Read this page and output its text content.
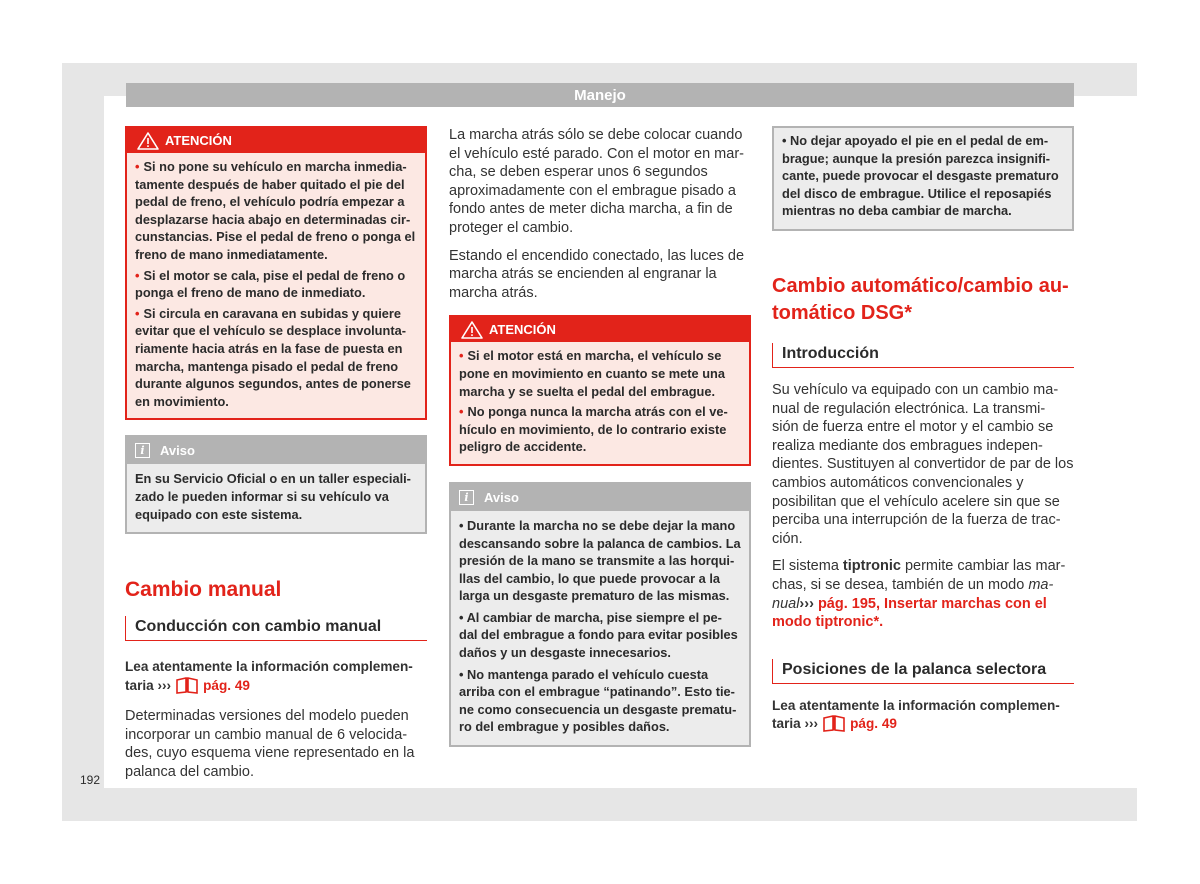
Manejo
192
ATENCIÓN

• Si no pone su vehículo en marcha inmedia- tamente después de haber quitado el pie del pedal de freno, el vehículo podría empezar a desplazarse hacia abajo en determinadas cir- cunstancias. Pise el pedal de freno o ponga el freno de mano inmediatamente.

• Si el motor se cala, pise el pedal de freno o ponga el freno de mano de inmediato.

• Si circula en caravana en subidas y quiere evitar que el vehículo se desplace involunta- riamente hacia atrás en la fase de puesta en marcha, mantenga pisado el pedal de freno durante algunos segundos, antes de ponerse en movimiento.

i	Aviso

En su Servicio Oficial o en un taller especiali- zado le pueden informar si su vehículo va equipado con este sistema.

Cambio manual
Conducción con cambio manual

Lea atentamente la información complemen- taria ››› pág. 49

Determinadas versiones del modelo pueden incorporar un cambio manual de 6 velocida- des, cuyo esquema viene representado en la palanca del cambio.

La marcha atrás sólo se debe colocar cuando el vehículo esté parado. Con el motor en mar- cha, se deben esperar unos 6 segundos aproximadamente con el embrague pisado a fondo antes de meter dicha marcha, a fin de proteger el cambio.

Estando el encendido conectado, las luces de marcha atrás se encienden al engranar la marcha atrás.

ATENCIÓN

• Si el motor está en marcha, el vehículo se pone en movimiento en cuanto se mete una marcha y se suelta el pedal del embrague.

• No ponga nunca la marcha atrás con el ve- hículo en movimiento, de lo contrario existe peligro de accidente.

i	Aviso

• Durante la marcha no se debe dejar la mano descansando sobre la palanca de cambios. La presión de la mano se transmite a las horqui- llas del cambio, lo que puede provocar a la larga un desgaste prematuro de las mismas.

• Al cambiar de marcha, pise siempre el pe- dal del embrague a fondo para evitar posibles daños y un desgaste innecesarios.

• No mantenga parado el vehículo cuesta arriba con el embrague “patinando”. Esto tie- ne como consecuencia un desgaste prematu- ro del embrague y posibles daños.

• No dejar apoyado el pie en el pedal de em- brague; aunque la presión parezca insignifi- cante, puede provocar el desgaste prematuro del disco de embrague. Utilice el reposapiés mientras no deba cambiar de marcha.

Cambio automático/cambio au- tomático DSG*
Introducción

Su vehículo va equipado con un cambio ma- nual de regulación electrónica. La transmi- sión de fuerza entre el motor y el cambio se realiza mediante dos embragues indepen- dientes. Sustituyen al convertidor de par de los cambios automáticos convencionales y posibilitan que el vehículo acelere sin que se perciba una interrupción de la fuerza de trac- ción.

El sistema tiptronic permite cambiar las mar- chas, si se desea, también de un modo ma- nual››› pág. 195, Insertar marchas con el modo tiptronic*.

Posiciones de la palanca selectora

Lea atentamente la información complemen- taria ››› pág. 49
